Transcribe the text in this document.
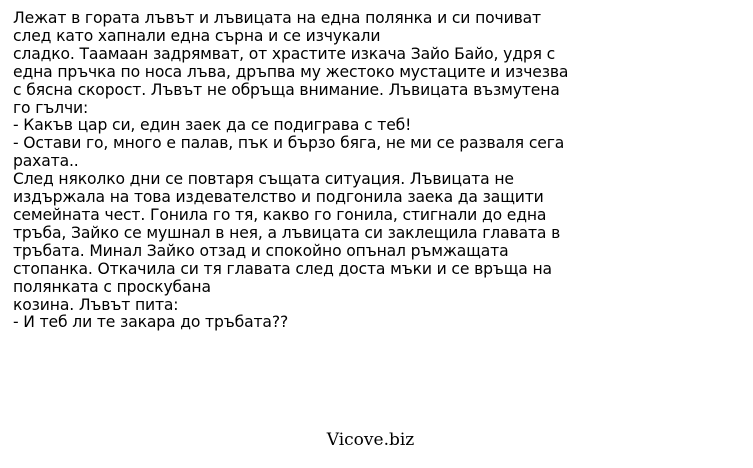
Лежат в гората лъвът и лъвицата на една полянка и си почиват
след като хапнали една сърна и се изчукали
сладко. Таамаан задрямват, от храстите изкача Зайо Байо, удря с
една пръчка по носа лъва, дръпва му жестоко мустаците и изчезва
с бясна скорост. Лъвът не обръща внимание. Лъвицата възмутена
го гълчи:
- Какъв цар си, един заек да се подиграва с теб!
- Остави го, много е палав, пък и бързо бяга, не ми се разваля сега
рахата..
След няколко дни се повтаря същата ситуация. Лъвицата не
издържала на това издевателство и подгонила заека да защити
семейната чест. Гонила го тя, какво го гонила, стигнали до една
тръба, Зайко се мушнал в нея, а лъвицата си заклещила главата в
тръбата. Минал Зайко отзад и спокойно опънал ръмжащата
стопанка. Откачила си тя главата след доста мъки и се връща на
полянката с проскубана
козина. Лъвът пита:
- И теб ли те закара до тръбата??
Vicove.biz
